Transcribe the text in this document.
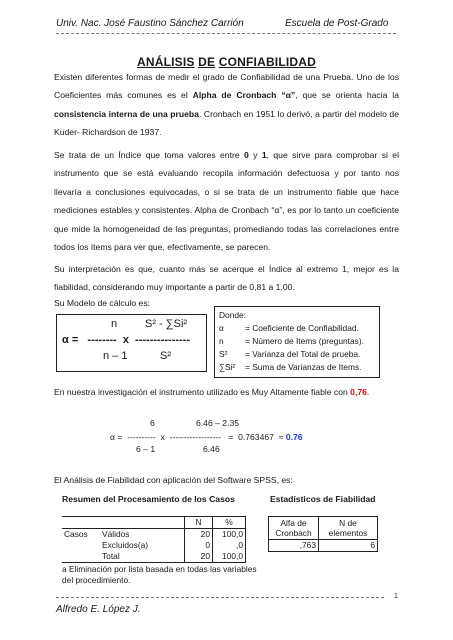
Univ. Nac. José Faustino Sánchez Carrión	Escuela de Post-Grado
ANÁLISIS DE CONFIABILIDAD
Existen diferentes formas de medir el grado de Confiabilidad de una Prueba. Uno de los Coeficientes más comunes es el Alpha de Cronbach “α”, que se orienta hacia la consistencia interna de una prueba. Cronbach en 1951 lo derivó, a partir del modelo de Kuder- Richardson de 1937.
Se trata de un Índice que toma valores entre 0 y 1, que sirve para comprobar si el instrumento que se está evaluando recopila información defectuosa y por tanto nos llevaría a conclusiones equivocadas, o si se trata de un instrumento fiable que hace mediciones estables y consistentes. Alpha de Cronbach “α”, es por lo tanto un coeficiente que mide la homogeneidad de las preguntas, promediando todas las correlaciones entre todos los ítems para ver que, efectivamente, se parecen.
Su interpretación es que, cuanto más se acerque el Índice al extremo 1, mejor es la fiabilidad, considerando muy importante a partir de 0,81 a 1.00.
Su Modelo de cálculo es:
n	S² - ∑Si²
α =   --------  x  ---------------
n – 1	S²
Donde:
α	= Coeficiente de Confiabilidad.
n	= Número de Items (preguntas).
S² = Varianza del Total de prueba.
∑Si² = Suma de Varianzas de Items.
En nuestra investigación el instrumento utilizado es Muy Altamente fiable con 0,76.
6	6.46 – 2.35
α =  ----------  x  ------------------   =  0.763467  ≈ 0.76
6 – 1	6.46
El Análisis de Fiabilidad con aplicación del Software SPSS, es:
Resumen del Procesamiento de los Casos
		N	%
Casos	Válidos	20	100,0
	Excluidos(a)	0	,0
	Total	20	100,0
a Eliminación por lista basada en todas las variables del procedimiento.
Estadísticos de Fiabilidad
Alfa de Cronbach	N de elementos
,763	6
1
Alfredo E. López J.
